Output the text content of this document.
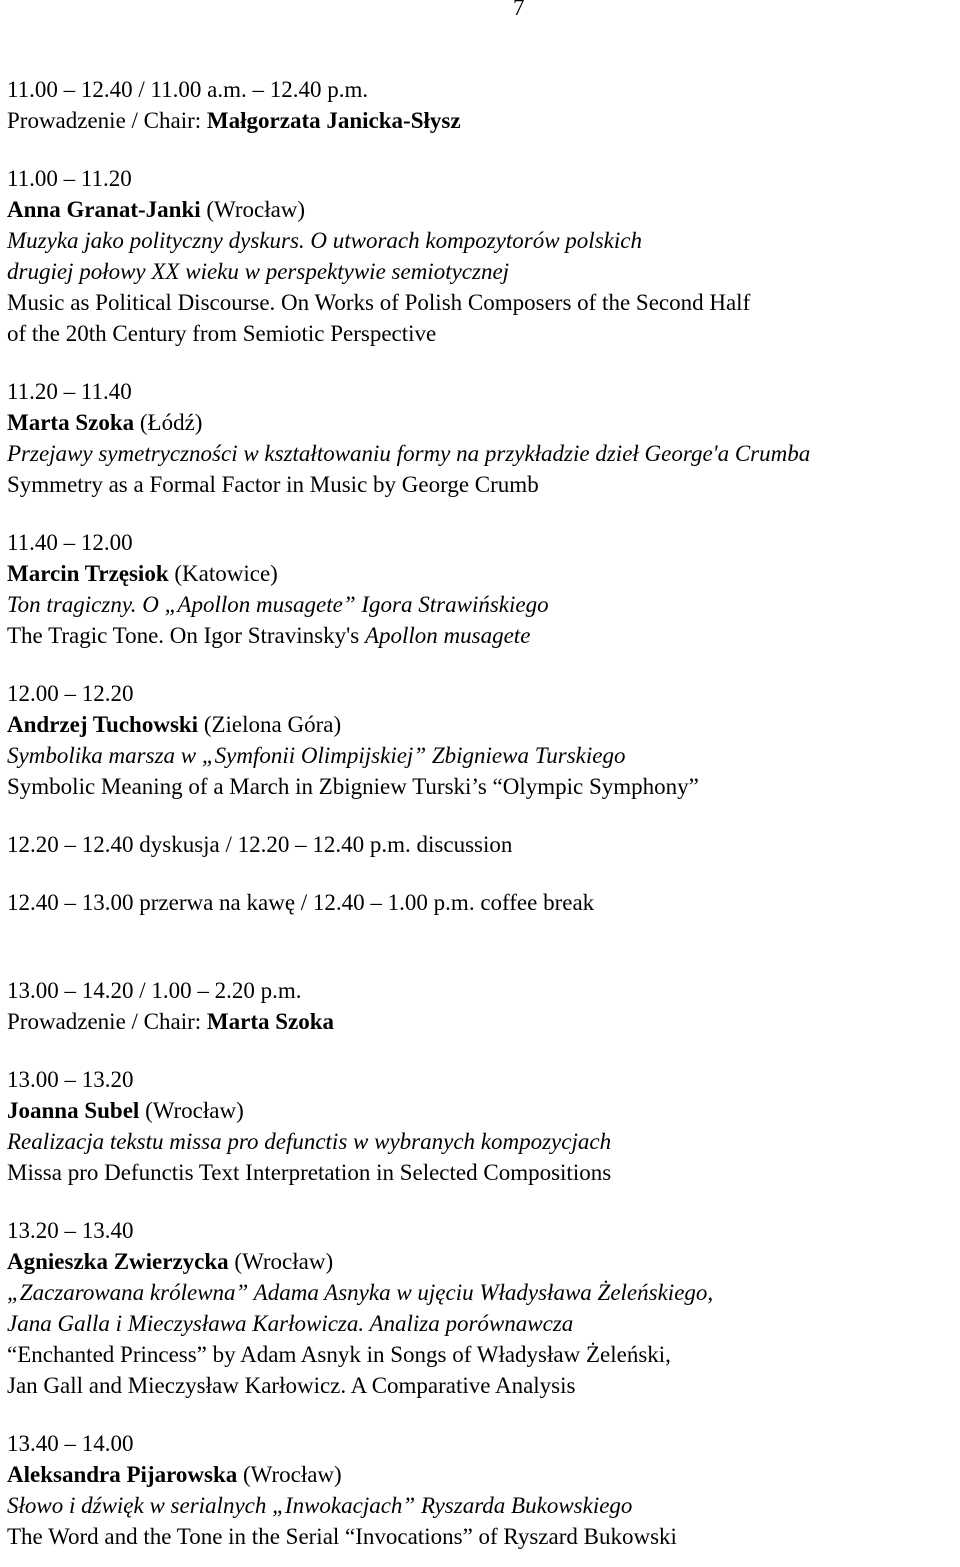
7
11.00 – 12.40 / 11.00 a.m. – 12.40 p.m.
Prowadzenie / Chair: Małgorzata Janicka-Słysz
11.00 – 11.20
Anna Granat-Janki (Wrocław)
Muzyka jako polityczny dyskurs. O utworach kompozytorów polskich
drugiej połowy XX wieku w perspektywie semiotycznej
Music as Political Discourse. On Works of Polish Composers of the Second Half
of the 20th Century from Semiotic Perspective
11.20 – 11.40
Marta Szoka (Łódź)
Przejawy symetryczności w kształtowaniu formy na przykładzie dzieł George'a Crumba
Symmetry as a Formal Factor in Music by George Crumb
11.40 – 12.00
Marcin Trzęsiok (Katowice)
Ton tragiczny. O „Apollon musagete” Igora Strawińskiego
The Tragic Tone. On Igor Stravinsky's Apollon musagete
12.00 – 12.20
Andrzej Tuchowski (Zielona Góra)
Symbolika marsza w „Symfonii Olimpijskiej” Zbigniewa Turskiego
Symbolic Meaning of a March in Zbigniew Turski’s “Olympic Symphony”
12.20 – 12.40 dyskusja / 12.20 – 12.40 p.m. discussion
12.40 – 13.00 przerwa na kawę / 12.40 – 1.00 p.m. coffee break
13.00 – 14.20 / 1.00 – 2.20 p.m.
Prowadzenie / Chair: Marta Szoka
13.00 – 13.20
Joanna Subel (Wrocław)
Realizacja tekstu missa pro defunctis w wybranych kompozycjach
Missa pro Defunctis Text Interpretation in Selected Compositions
13.20 – 13.40
Agnieszka Zwierzycka (Wrocław)
„Zaczarowana królewna” Adama Asnyka w ujęciu Władysława Żeleńskiego,
Jana Galla i Mieczysława Karłowicza. Analiza porównawcza
“Enchanted Princess” by Adam Asnyk in Songs of Władysław Żeleński,
Jan Gall and Mieczysław Karłowicz. A Comparative Analysis
13.40 – 14.00
Aleksandra Pijarowska (Wrocław)
Słowo i dźwięk w serialnych „Inwokacjach” Ryszarda Bukowskiego
The Word and the Tone in the Serial “Invocations” of Ryszard Bukowski
